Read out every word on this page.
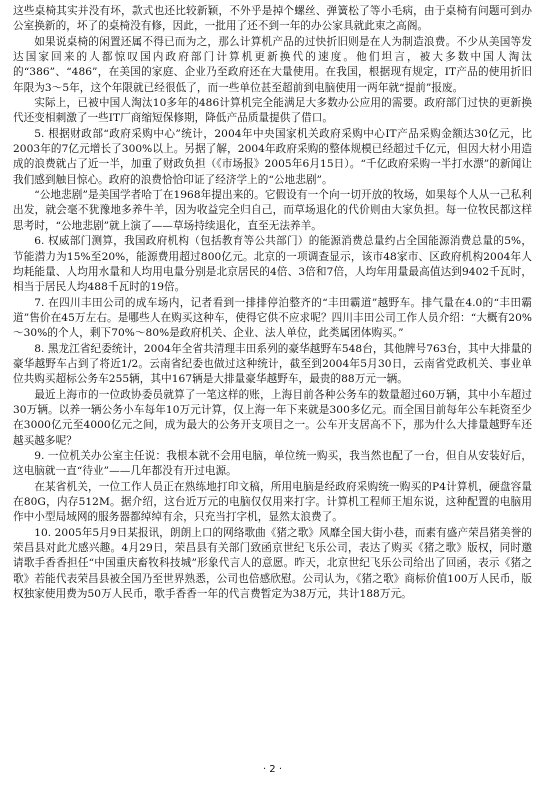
这些桌椅其实并没有坏，款式也还比较新颖，不外乎是掉个螺丝、弹簧松了等小毛病，由于桌椅有问题可到办公室换新的，坏了的桌椅没有修，因此，一批用了还不到一年的办公家具就此束之高阁。

如果说桌椅的闲置还属不得已而为之，那么计算机产品的过快折旧则是在人为制造浪费。不少从美国等发达国家回来的人都惊叹国内政府部门计算机更新换代的速度。他们坦言，被大多数中国人淘汰的“386”、“486”，在美国的家庭、企业乃至政府还在大量使用。在我国，根据现有规定，IT产品的使用折旧年限为3～5年，这个年限就已经很低了，而一些单位甚至超前到电脑使用一两年就“提前”报废。

实际上，已被中国人淘汰10多年的486计算机完全能满足大多数办公应用的需要。政府部门过快的更新换代还变相刺激了一些IT厂商缩短保修期，降低产品质量提供了借口。

5. 根据财政部“政府采购中心”统计，2004年中央国家机关政府采购中心IT产品采购金额达30亿元，比2003年的7亿元增长了300%以上。另据了解，2004年政府采购的整体规模已经超过千亿元，但因大材小用造成的浪费就占了近一半，加重了财政负担（《市场报》2005年6月15日）。“千亿政府采购一半打水漂”的新闻让我们感到触目惊心。政府的浪费恰恰印证了经济学上的“公地悲剧”。

“公地悲剧”是美国学者哈丁在1968年提出来的。它假设有一个向一切开放的牧场，如果每个人从一己私利出发，就会毫不犹豫地多养牛羊，因为收益完全归自己，而草场退化的代价则由大家负担。每一位牧民都这样思考时，“公地悲剧”就上演了——草场持续退化，直至无法养羊。

6. 权威部门测算，我国政府机构（包括教育等公共部门）的能源消费总量约占全国能源消费总量的5%，节能潜力为15%至20%，能源费用超过800亿元。北京的一项调查显示，该市48家市、区政府机构2004年人均耗能量、人均用水量和人均用电量分别是北京居民的4倍、3倍和7倍，人均年用量最高值达到9402千瓦时，相当于居民人均488千瓦时的19倍。

7. 在四川丰田公司的成车场内，记者看到一排排停泊整齐的“丰田霸道”越野车。排气量在4.0的“丰田霸道”售价在45万左右。是哪些人在购买这种车，使得它供不应求呢？四川丰田公司工作人员介绍：“大概有20%～30%的个人，剩下70%～80%是政府机关、企业、法人单位，此类属团体购买。”

8. 黑龙江省纪委统计，2004年全省共清理丰田系列的豪华越野车548台，其他牌号763台，其中大排量的豪华越野车占到了将近1/2。云南省纪委也做过这种统计，截至到2004年5月30日，云南省党政机关、事业单位共购买超标公务车255辆，其中167辆是大排量豪华越野车，最贵的88万元一辆。

最近上海市的一位政协委员就算了一笔这样的账，上海目前各种公务车的数量超过60万辆，其中小车超过30万辆。以养一辆公务小车每年10万元计算，仅上海一年下来就是300多亿元。而全国目前每年公车耗资至少在3000亿元至4000亿元之间，成为最大的公务开支项目之一。公车开支居高不下，那为什么大排量越野车还越买越多呢？

9. 一位机关办公室主任说：我根本就不会用电脑，单位统一购买，我当然也配了一台，但自从安装好后，这电脑就一直“待业”——几年都没有开过电源。

在某省机关，一位工作人员正在熟练地打印文稿，所用电脑是经政府采购统一购买的P4计算机，硬盘容量在80G，内存512M。据介绍，这台近万元的电脑仅仅用来打字。计算机工程师王旭东说，这种配置的电脑用作中小型局域网的服务器都绰绰有余，只充当打字机，显然太浪费了。

10. 2005年5月9日某报讯，朗朗上口的网络歌曲《猪之歌》风靡全国大街小巷，而素有盛产荣昌猪美誉的荣昌县对此尤感兴趣。4月29日，荣昌县有关部门致函京世纪飞乐公司，表达了购买《猪之歌》版权，同时邀请歌手香香担任“中国重庆畜牧科技城”形象代言人的意愿。昨天，北京世纪飞乐公司给出了回函，表示《猪之歌》若能代表荣昌县被全国乃至世界熟悉，公司也倍感欣慰。公司认为，《猪之歌》商标价值100万人民币，版权独家使用费为50万人民币，歌手香香一年的代言费暂定为38万元，共计188万元。

· 2 ·
